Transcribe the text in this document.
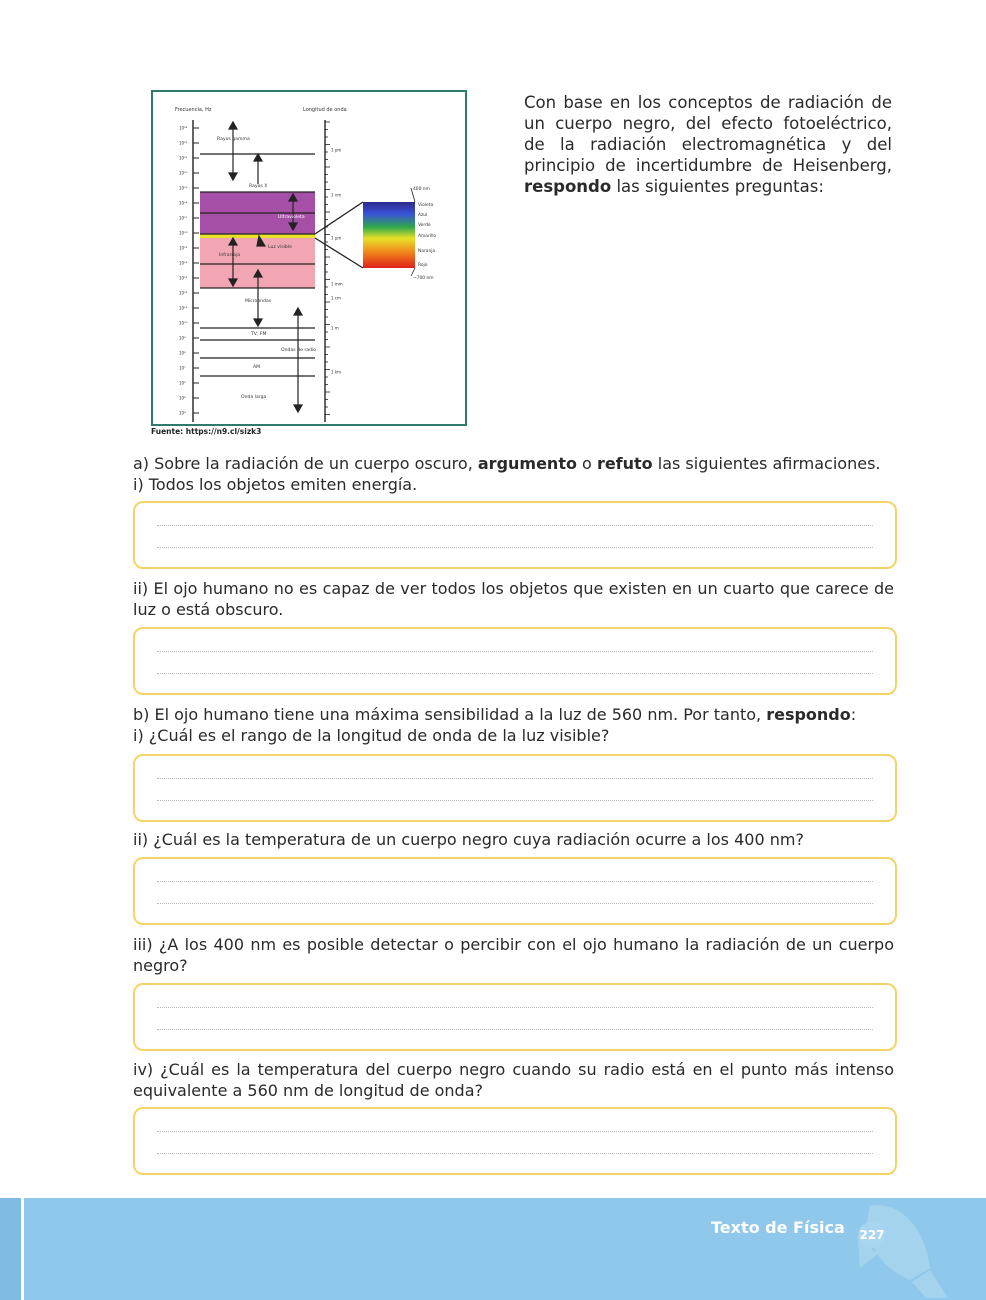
Con base en los conceptos de radiación de un cuerpo negro, del efecto fotoeléctrico, de la radiación electromagnética y del principio de incertidumbre de Heisenberg, respondo las siguientes preguntas:
Frecuencia, Hz	Longitud de onda
10²⁴
10²²
10²¹
10²⁰
10¹⁹
10¹⁸
10¹⁷
10¹⁶
10¹⁵
10¹⁴
10¹³
10¹²
10¹¹
10¹⁰
10⁹
10⁸
10⁷
10⁶
10⁵
10⁴
1 pm
1 nm
1 µm
1 mm
1 cm
1 m
1 km
Rayos gamma
Rayos X
Ultravioleta
Luz visible
Infrarroja
Microondas
TV, FM
Ondas de radio
AM
Onda larga
400 nm
~700 nm
Violeta
Azul
Verde
Amarillo
Naranja
Rojo
Fuente: https://n9.cl/sizk3
a) Sobre la radiación de un cuerpo oscuro, argumento o refuto las siguientes afirmaciones.
i) Todos los objetos emiten energía.
ii) El ojo humano no es capaz de ver todos los objetos que existen en un cuarto que carece de luz o está obscuro.
b) El ojo humano tiene una máxima sensibilidad a la luz de 560 nm. Por tanto, respondo:
i) ¿Cuál es el rango de la longitud de onda de la luz visible?
ii) ¿Cuál es la temperatura de un cuerpo negro cuya radiación ocurre a los 400 nm?
iii) ¿A los 400 nm es posible detectar o percibir con el ojo humano la radiación de un cuerpo negro?
iv) ¿Cuál es la temperatura del cuerpo negro cuando su radio está en el punto más intenso equivalente a 560 nm de longitud de onda?
Texto de Física 227
